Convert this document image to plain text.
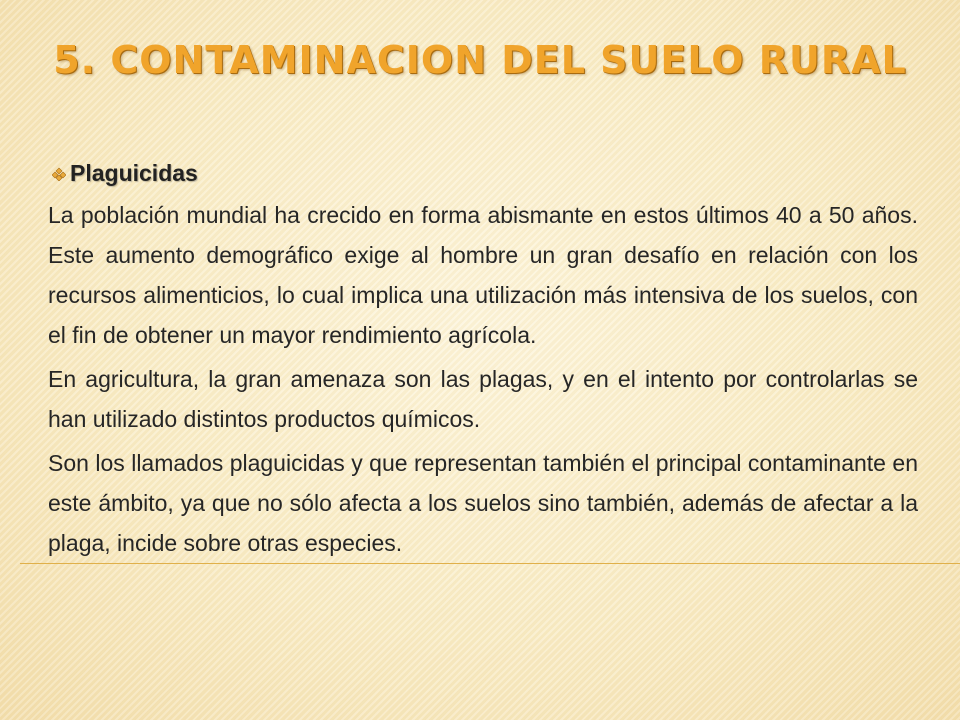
5. CONTAMINACION DEL SUELO RURAL
Plaguicidas

La población mundial ha crecido en forma abismante en estos últimos 40 a 50 años. Este aumento demográfico exige al hombre un gran desafío en relación con los recursos alimenticios, lo cual implica una utilización más intensiva de los suelos, con el fin de obtener un mayor rendimiento agrícola.

En agricultura, la gran amenaza son las plagas, y en el intento por controlarlas se han utilizado distintos productos químicos.

Son los llamados plaguicidas y que representan también el principal contaminante en este ámbito, ya que no sólo afecta a los suelos sino también, además de afectar a la plaga, incide sobre otras especies.
